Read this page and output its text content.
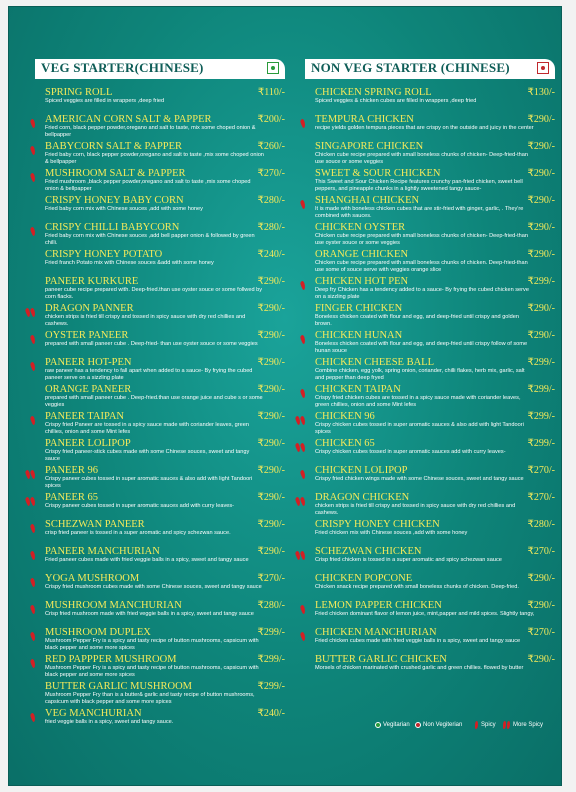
VEG STARTER(CHINESE)
SPRING ROLL	₹110/-
Spiced veggies are filled in wrappers ,deep fried
AMERICAN CORN SALT & PAPPER	₹200/-
Fried corn, black pepper powder,oregano and salt to taste, mix some choped onion & bellpapper
BABYCORN SALT & PAPPER	₹260/-
Fried baby corn, black pepper powder,oregano and salt to taste ,mix some choped onion & bellpapper
MUSHROOM SALT & PAPPER	₹270/-
Fried mushroom ,black pepper powder,oregano and salt to taste ,mix some choped onion & bellpapper
CRISPY HONEY BABY CORN	₹280/-
Fried baby corn mix with Chinese souces ,add with some honey
CRISPY CHILLI BABYCORN	₹280/-
Fried baby corn mix with Chinese souces ,add bell papper onion & followed by green chilli.
CRISPY HONEY POTATO	₹240/-
Fried franch Potato mix with Chinese souces &add with some honey
PANEER KURKURE	₹290/-
paneer cube recipe prepared with. Deep-fried.than use oyster souce or some follwed by corn flacks.
DRAGON PANNER	₹290/-
chicken strips is fried till crispy and tossed in spicy sauce with dry red chillies and cashews.
OYSTER PANEER	₹290/-
prepared with small paneer cube . Deep-fried- than use oyster souce or some veggies
PANEER HOT-PEN	₹290/-
raw paneer has a tendency to fall apart when added to a sauce- By frying the cubed paneer serve on a sizzling plate
ORANGE PANEER	₹290/-
prepared with small paneer cube . Deep-fried.than use orange juice and cube s or some veggies
PANEER TAIPAN	₹290/-
Crispy fried Paneer are tossed in a spicy sauce made with coriander leaves, green chillies, onion and some Mint lefes
PANEER LOLIPOP	₹290/-
Crispy fried paneer-stick cubes made with some Chinese souces, sweet and tangy sauce
PANEER 96	₹290/-
Crispy paneer cubes tossed in super aromatic sauces & also add with light Tandoori spices
PANEER 65	₹290/-
Crispy paneer cubes tossed in super aromatic sauces add with curry leaves-
SCHEZWAN PANEER	₹290/-
crisp fried paneer is tossed in a super aromatic and spicy schezwan sauce.
PANEER MANCHURIAN	₹290/-
Fried paneer cubes made with fried veggie balls in a spicy, sweet and tangy sauce
YOGA MUSHROOM	₹270/-
Crispy fried mushroom cubes made with some Chinese souces, sweet and tangy sauce
MUSHROOM MANCHURIAN	₹280/-
Crisp fried mushroom made with fried veggie balls in a spicy, sweet and tangy sauce
MUSHROOM DUPLEX	₹299/-
Mushroom Pepper Fry is a spicy and tasty recipe of button mushrooms, capsicum with black pepper and some more spices
RED PAPPPER MUSHROOM	₹299/-
Mushroom Pepper Fry is a spicy and tasty recipe of button mushrooms, capsicum with black pepper and some more spices
BUTTER GARLIC MUSHROOM	₹299/-
Mushroom Pepper Fry than is a butter& garlic and tasty recipe of button mushrooms, capsicum with black pepper and some more spices
VEG MANCHURIAN	₹240/-
fried veggie balls in a spicy, sweet and tangy sauce.
NON VEG STARTER (CHINESE)
CHICKEN SPRING ROLL	₹130/-
Spiced veggies & chicken cubes are filled in wrappers ,deep fried
TEMPURA CHICKEN	₹290/-
recipe yields golden tempura pieces that are crispy on the outside and juicy in the center
SINGAPORE CHICKEN	₹290/-
Chicken cube recipe prepared with small boneless chunks of chicken- Deep-fried-than use souce or some veggies
SWEET & SOUR CHICKEN	₹290/-
This Sweet and Sour Chicken Recipe features crunchy pan-fried chicken, sweet bell peppers, and pineapple chunks in a lightly sweetened tangy sauce-
SHANGHAI CHICKEN	₹290/-
It is made with boneless chicken cubes that are stir-fried with ginger, garlic, . They're combined with sauces.
CHICKEN OYSTER	₹290/-
Chicken cube recipe prepared with small boneless chunks of chicken- Deep-fried-than use oyster souce or some veggies
ORANGE CHICKEN	₹290/-
Chicken cube recipe prepared with small boneless chunks of chicken. Deep-fried-than use some of souce serve with veggies orange slice
CHICKEN HOT PEN	₹299/-
Deep fry Chicken has a tendency added to a sauce- By frying the cubed chicken serve on a sizzling plate
FINGER CHICKEN	₹290/-
Boneless chicken coated with flour and egg, and deep-fried until crispy and golden brown.
CHICKEN HUNAN	₹290/-
Boneless chicken coated with flour and egg, and deep-fried until crispy follow of some hunan souce
CHICKEN CHEESE BALL	₹299/-
Combine chicken, egg yolk, spring onion, coriander, chilli flakes, herb mix, garlic, salt and pepper than deep fryed
CHICKEN TAIPAN	₹299/-
Crispy fried chicken cubes are tossed in a spicy sauce made with coriander leaves, green chillies, onion and some Mint lefes
CHICKEN 96	₹299/-
Crispy chicken cubes tossed in super aromatic sauces & also add with light Tandoori spices
CHICKEN 65	₹299/-
Crispy chicken cubes tossed in super aromatic sauces add with curry leaves-
CHICKEN LOLIPOP	₹270/-
Crispy fried chicken wings made with some Chinese souces, sweet and tangy sauce
DRAGON CHICKEN	₹270/-
chicken strips is fried till crispy and tossed in spicy sauce with dry red chillies and cashews.
CRISPY HONEY CHICKEN	₹280/-
Fried chicken mix with Chinese souces ,add with some honey
SCHEZWAN CHICKEN	₹270/-
Crisp fried chicken is tossed in a super aromatic and spicy schezwan sauce
CHICKEN POPCONE	₹290/-
Chicken snack recipe prepared with small boneless chunks of chicken. Deep-fried.
LEMON PAPPER CHICKEN	₹290/-
Fried chicken dominant flavor of lemon juice, mint,papper and mild spices. Slightly tangy,
CHICKEN MANCHURIAN	₹270/-
Fried chicken cubes made with fried veggie balls in a spicy, sweet and tangy sauce
BUTTER GARLIC CHICKEN	₹290/-
Morsels of chicken marinated with crushed garlic and green chillies. flowed by butter
Vegitarian Non Vegiterian	Spicy	More Spicy
